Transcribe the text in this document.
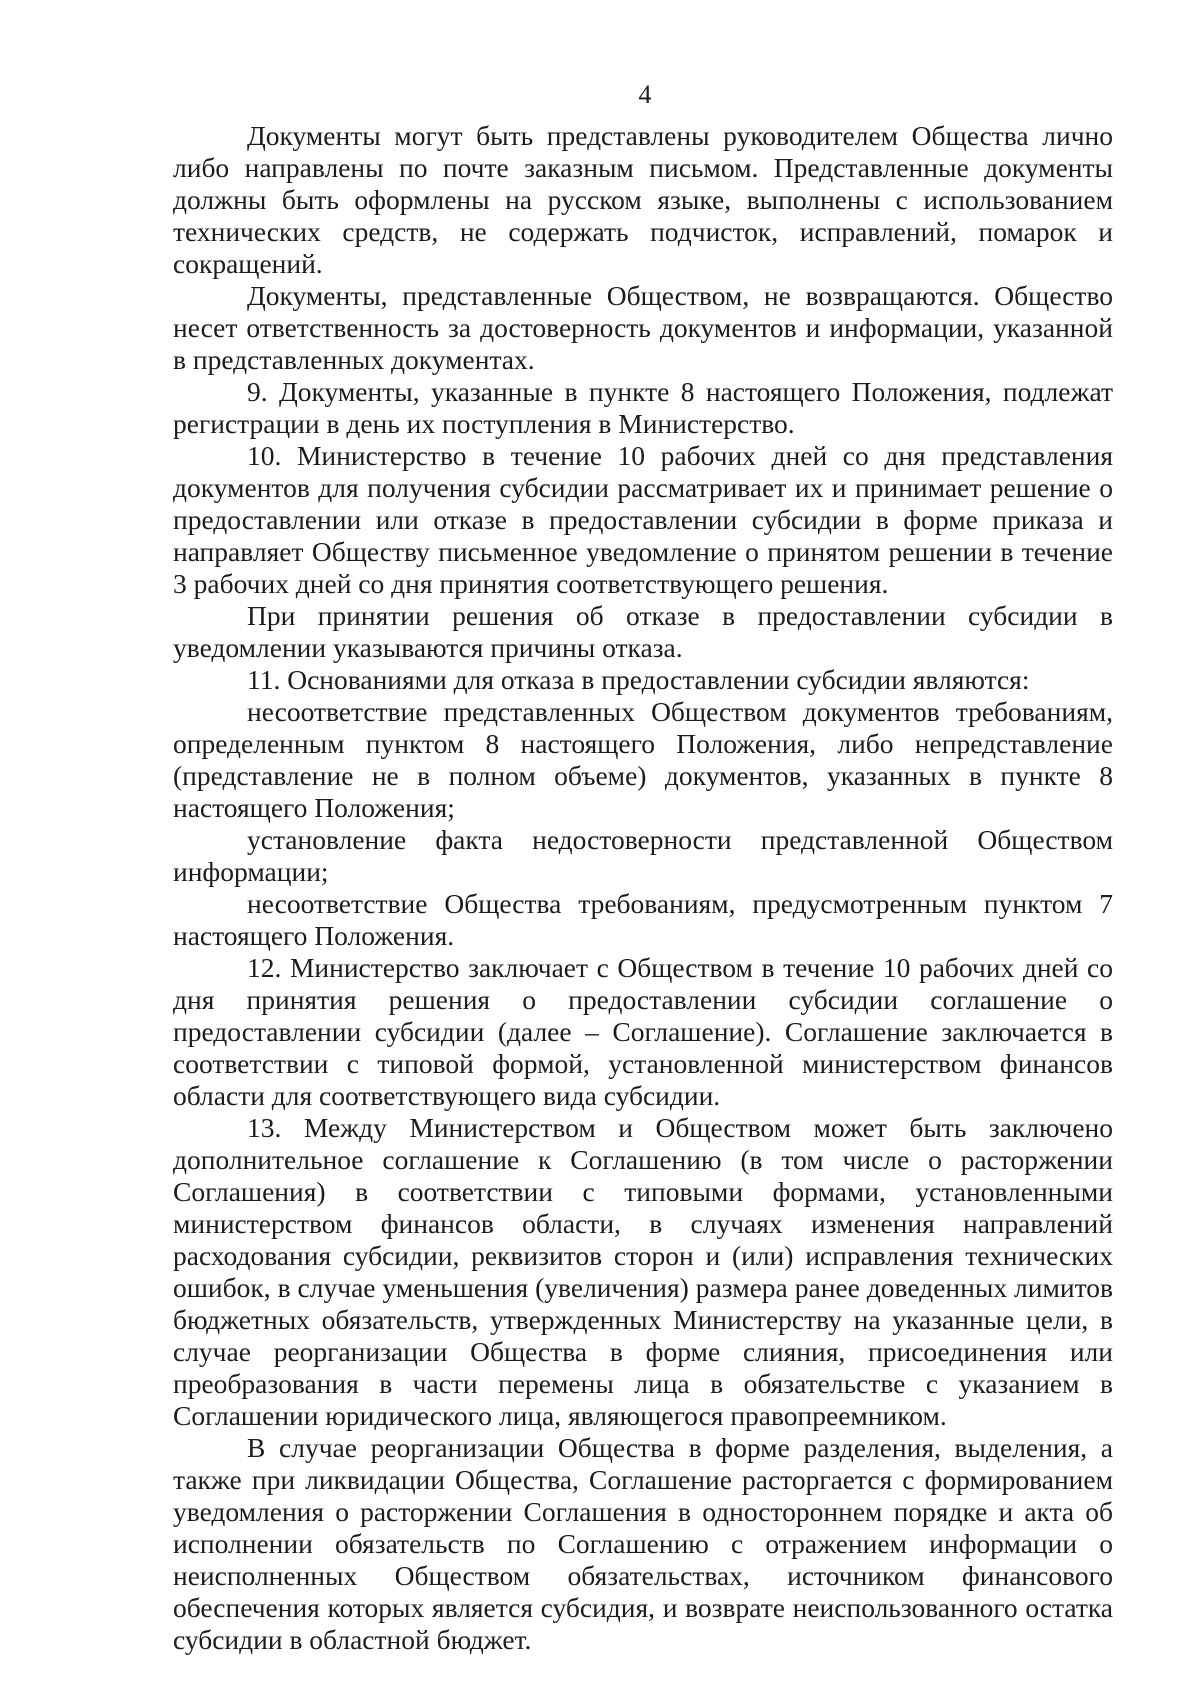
4

Документы могут быть представлены руководителем Общества лично либо направлены по почте заказным письмом. Представленные документы должны быть оформлены на русском языке, выполнены с использованием технических средств, не содержать подчисток, исправлений, помарок и сокращений.

Документы, представленные Обществом, не возвращаются. Общество несет ответственность за достоверность документов и информации, указанной в представленных документах.

9. Документы, указанные в пункте 8 настоящего Положения, подлежат регистрации в день их поступления в Министерство.

10. Министерство в течение 10 рабочих дней со дня представления документов для получения субсидии рассматривает их и принимает решение о предоставлении или отказе в предоставлении субсидии в форме приказа и направляет Обществу письменное уведомление о принятом решении в течение 3 рабочих дней со дня принятия соответствующего решения.

При принятии решения об отказе в предоставлении субсидии в уведомлении указываются причины отказа.

11. Основаниями для отказа в предоставлении субсидии являются:

несоответствие представленных Обществом документов требованиям, определенным пунктом 8 настоящего Положения, либо непредставление (представление не в полном объеме) документов, указанных в пункте 8 настоящего Положения;

установление факта недостоверности представленной Обществом информации;

несоответствие Общества требованиям, предусмотренным пунктом 7 настоящего Положения.

12. Министерство заключает с Обществом в течение 10 рабочих дней со дня принятия решения о предоставлении субсидии соглашение о предоставлении субсидии (далее – Соглашение). Соглашение заключается в соответствии с типовой формой, установленной министерством финансов области для соответствующего вида субсидии.

13. Между Министерством и Обществом может быть заключено дополнительное соглашение к Соглашению (в том числе о расторжении Соглашения) в соответствии с типовыми формами, установленными министерством финансов области, в случаях изменения направлений расходования субсидии, реквизитов сторон и (или) исправления технических ошибок, в случае уменьшения (увеличения) размера ранее доведенных лимитов бюджетных обязательств, утвержденных Министерству на указанные цели, в случае реорганизации Общества в форме слияния, присоединения или преобразования в части перемены лица в обязательстве с указанием в Соглашении юридического лица, являющегося правопреемником.

В случае реорганизации Общества в форме разделения, выделения, а также при ликвидации Общества, Соглашение расторгается с формированием уведомления о расторжении Соглашения в одностороннем порядке и акта об исполнении обязательств по Соглашению с отражением информации о неисполненных Обществом обязательствах, источником финансового обеспечения которых является субсидия, и возврате неиспользованного остатка субсидии в областной бюджет.
